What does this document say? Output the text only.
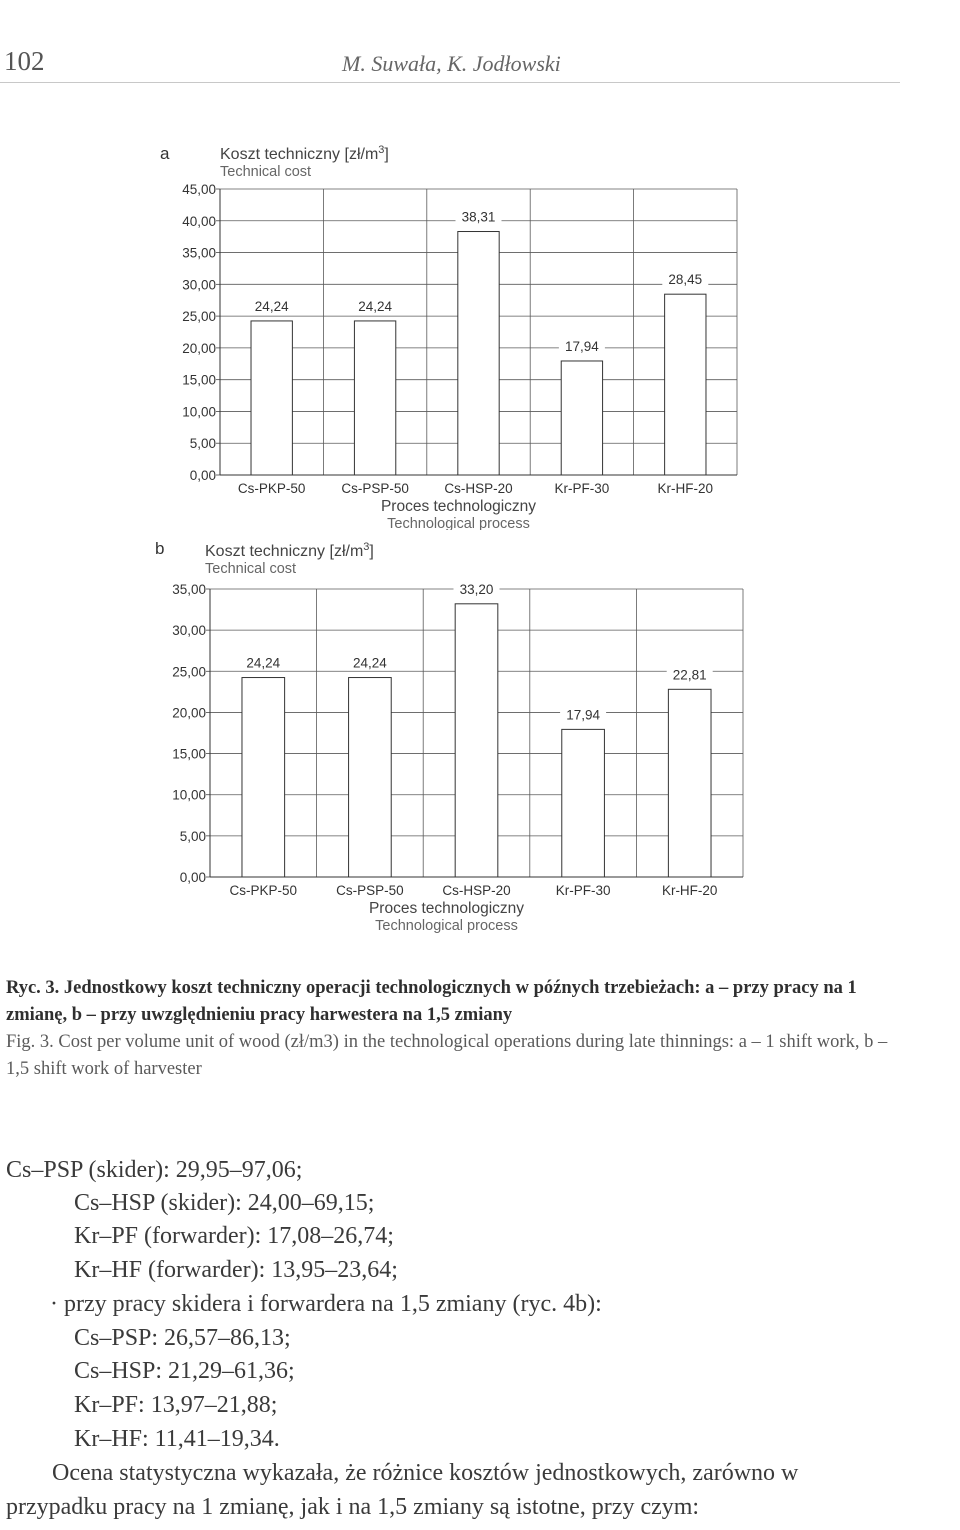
102	M. Suwała, K. Jodłowski
a	Koszt techniczny $[zł/m^3]$
Technical cost
0,00
5,00
10,00
15,00
20,00
25,00
30,00
35,00
40,00
45,00
24,24
Cs-PKP-50
24,24
Cs-PSP-50
38,31
Cs-HSP-20
17,94
Kr-PF-30
28,45
Kr-HF-20
Proces technologiczny
Technological process
b	Koszt techniczny $[zł/m^3]$
Technical cost
0,00
5,00
10,00
15,00
20,00
25,00
30,00
35,00
24,24
Cs-PKP-50
24,24
Cs-PSP-50
33,20
Cs-HSP-20
17,94
Kr-PF-30
22,81
Kr-HF-20
Proces technologiczny
Technological process
Ryc. 3. Jednostkowy koszt techniczny operacji technologicznych w późnych trzebieżach: a – przy pracy na 1 zmianę, b – przy uwzględnieniu pracy harwestera na 1,5 zmiany
Fig. 3. Cost per volume unit of wood (zł/m3) in the technological operations during late thinnings: a – 1 shift work, b – 1,5 shift work of harvester
Cs–PSP (skider): 29,95–97,06;
Cs–HSP (skider): 24,00–69,15;
Kr–PF (forwarder): 17,08–26,74;
Kr–HF (forwarder): 13,95–23,64;
· przy pracy skidera i forwardera na 1,5 zmiany (ryc. 4b):
Cs–PSP: 26,57–86,13;
Cs–HSP: 21,29–61,36;
Kr–PF: 13,97–21,88;
Kr–HF: 11,41–19,34.
Ocena statystyczna wykazała, że różnice kosztów jednostkowych, zarówno w
przypadku pracy na 1 zmianę, jak i na 1,5 zmiany są istotne, przy czym:
